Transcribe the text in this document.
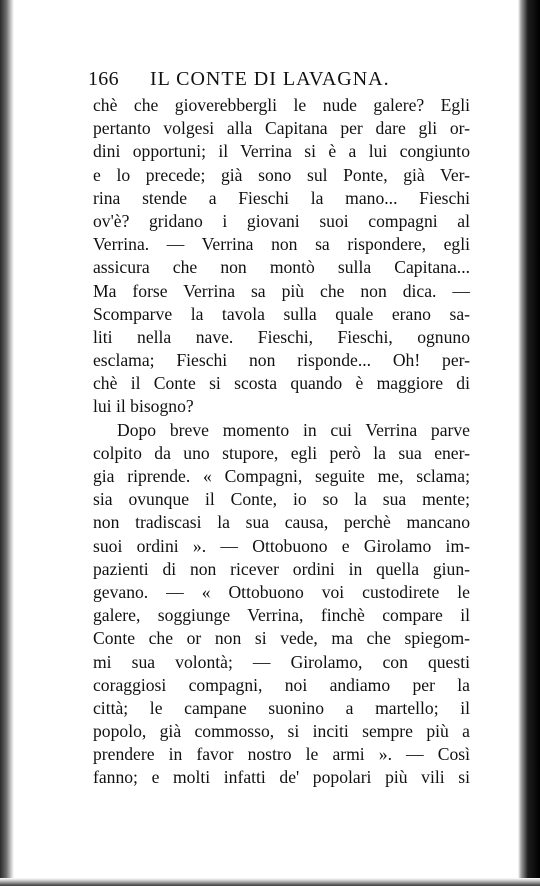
166 IL CONTE DI LAVAGNA.
chè che gioverebbergli le nude galere? Egli
pertanto volgesi alla Capitana per dare gli or-
dini opportuni; il Verrina si è a lui congiunto
e lo precede; già sono sul Ponte, già Ver-
rina stende a Fieschi la mano... Fieschi
ov'è? gridano i giovani suoi compagni al
Verrina. — Verrina non sa rispondere, egli
assicura che non montò sulla Capitana...
Ma forse Verrina sa più che non dica. —
Scomparve la tavola sulla quale erano sa-
liti nella nave. Fieschi, Fieschi, ognuno
esclama; Fieschi non risponde... Oh! per-
chè il Conte si scosta quando è maggiore di
lui il bisogno?
Dopo breve momento in cui Verrina parve
colpito da uno stupore, egli però la sua ener-
gia riprende. « Compagni, seguite me, sclama;
sia ovunque il Conte, io so la sua mente;
non tradiscasi la sua causa, perchè mancano
suoi ordini ». — Ottobuono e Girolamo im-
pazienti di non ricever ordini in quella giun-
gevano. — « Ottobuono voi custodirete le
galere, soggiunge Verrina, finchè compare il
Conte che or non si vede, ma che spiegom-
mi sua volontà; — Girolamo, con questi
coraggiosi compagni, noi andiamo per la
città; le campane suonino a martello; il
popolo, già commosso, si inciti sempre più a
prendere in favor nostro le armi ». — Così
fanno; e molti infatti de' popolari più vili si
